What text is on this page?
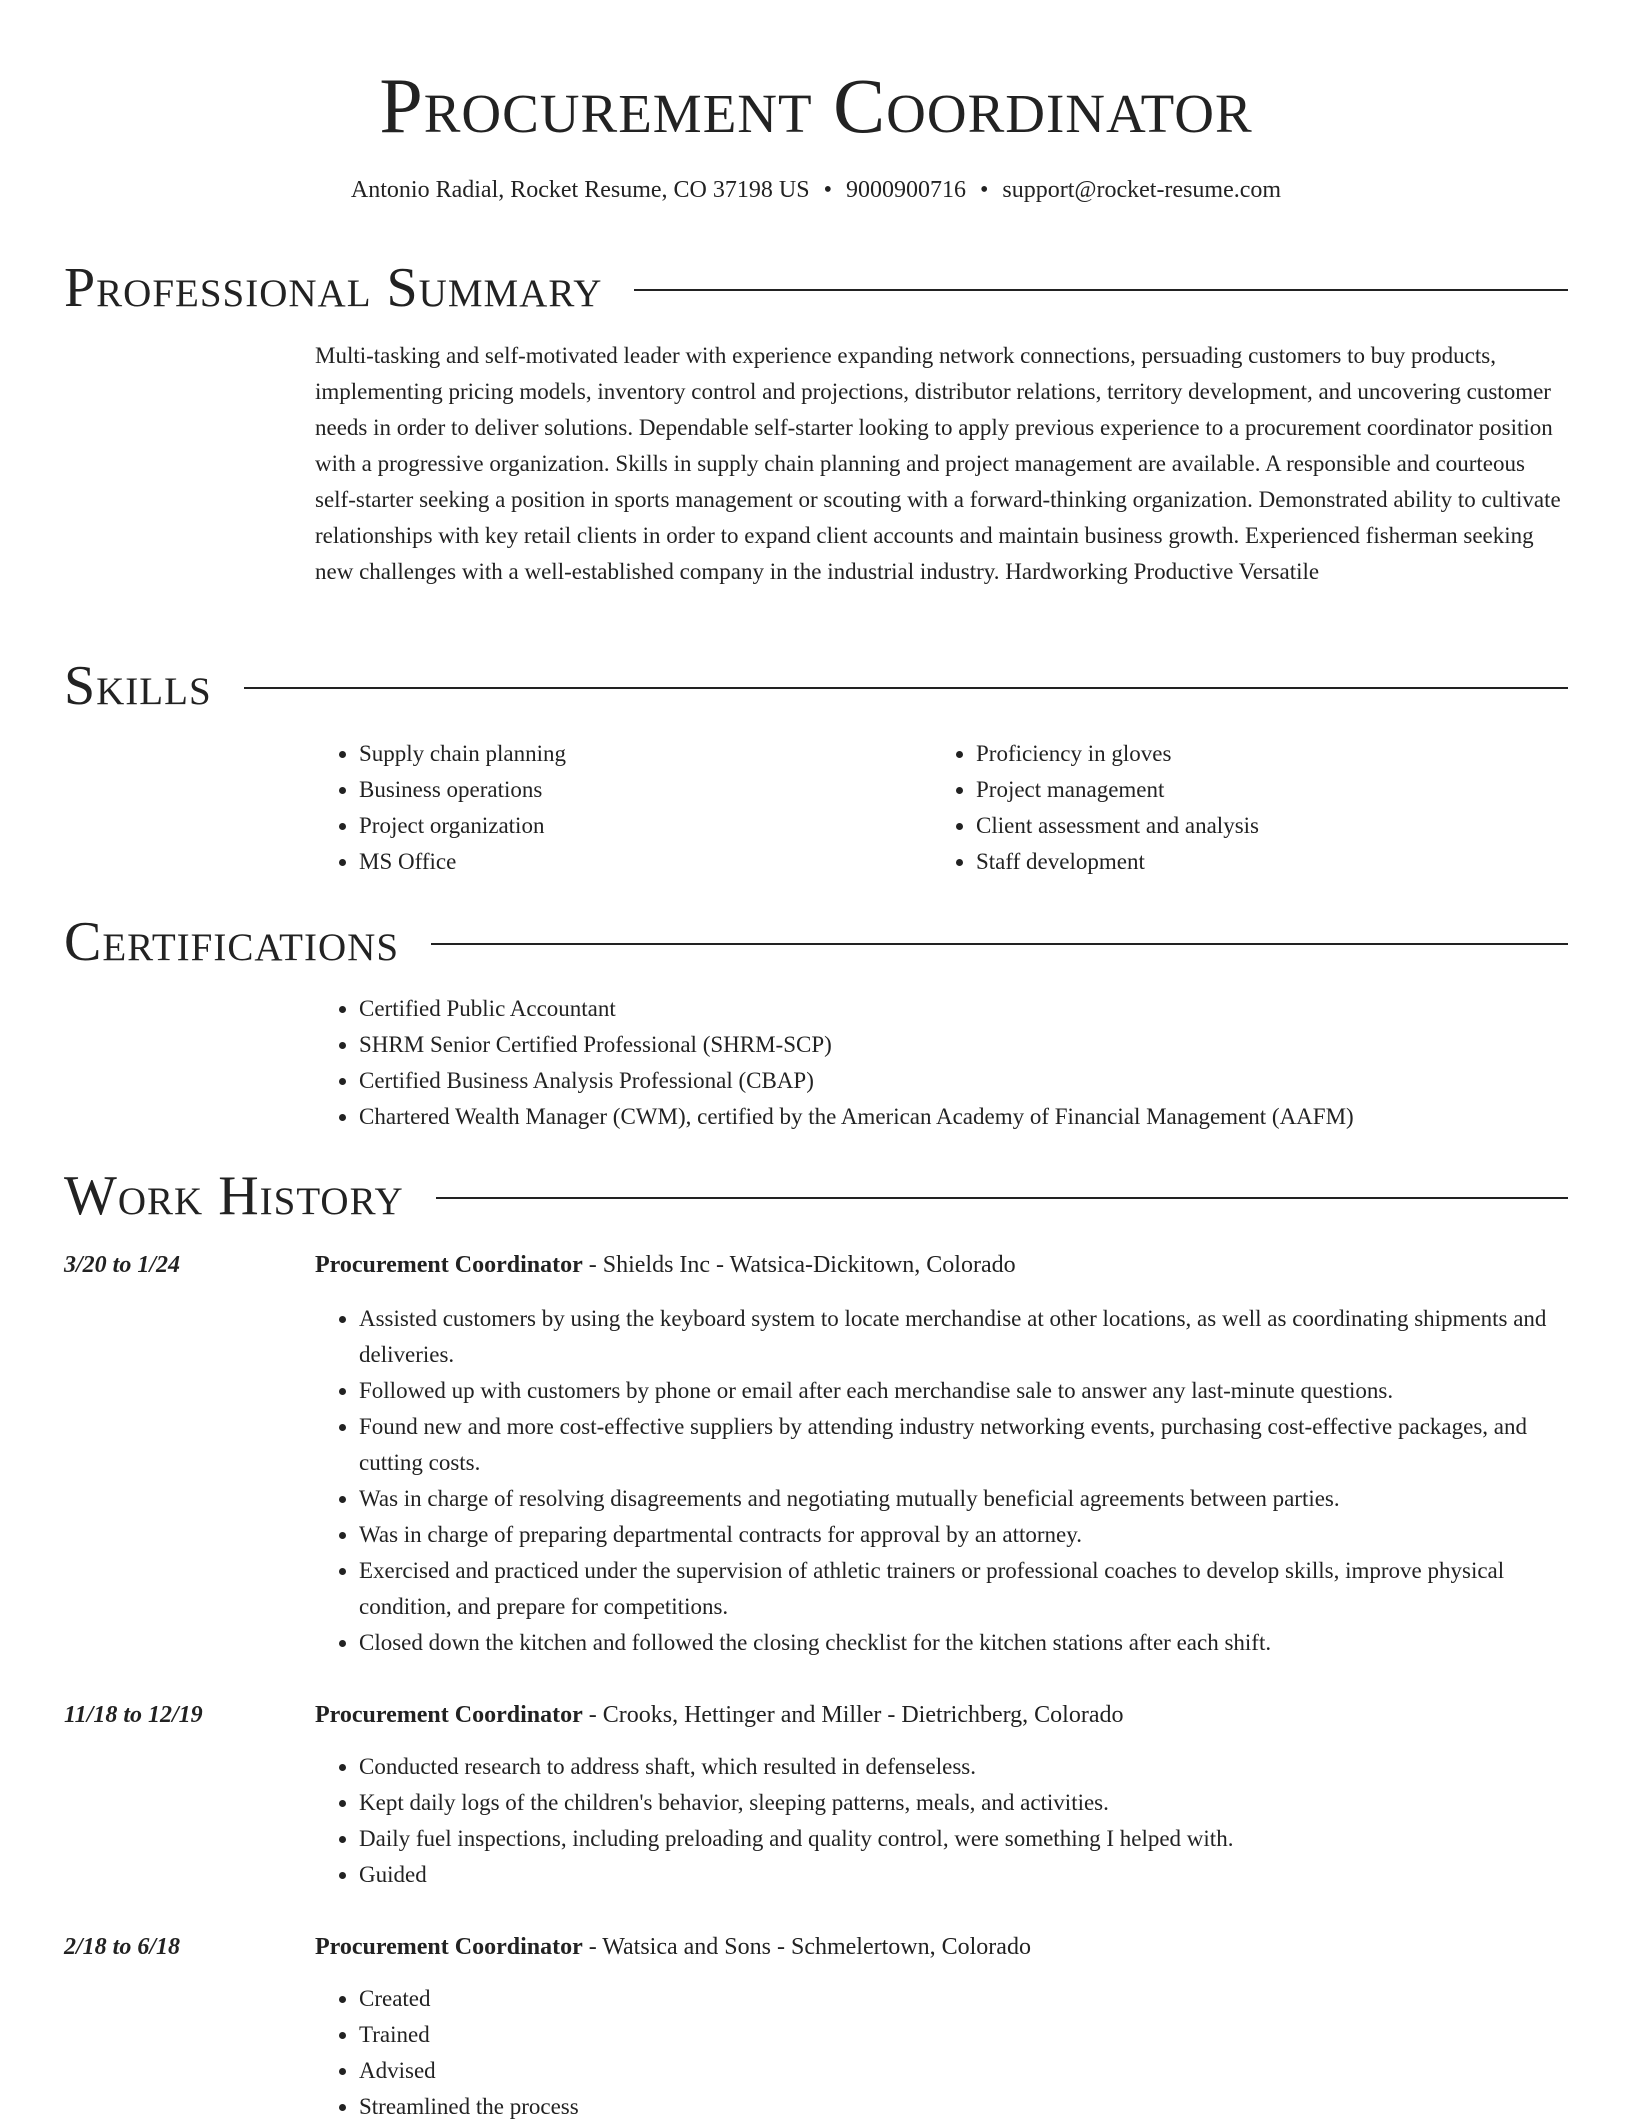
Procurement Coordinator
Antonio Radial, Rocket Resume, CO 37198 US • 9000900716 • support@rocket-resume.com
Professional Summary

Multi-tasking and self-motivated leader with experience expanding network connections, persuading customers to buy products, implementing pricing models, inventory control and projections, distributor relations, territory development, and uncovering customer needs in order to deliver solutions. Dependable self-starter looking to apply previous experience to a procurement coordinator position with a progressive organization. Skills in supply chain planning and project management are available. A responsible and courteous self-starter seeking a position in sports management or scouting with a forward-thinking organization. Demonstrated ability to cultivate relationships with key retail clients in order to expand client accounts and maintain business growth. Experienced fisherman seeking new challenges with a well-established company in the industrial industry. Hardworking Productive Versatile

Skills
• Supply chain planning
• Business operations
• Project organization
• MS Office
• Proficiency in gloves
• Project management
• Client assessment and analysis
• Staff development
Certifications
• Certified Public Accountant
• SHRM Senior Certified Professional (SHRM-SCP)
• Certified Business Analysis Professional (CBAP)
• Chartered Wealth Manager (CWM), certified by the American Academy of Financial Management (AAFM)
Work History
3/20 to 1/24	Procurement Coordinator - Shields Inc - Watsica-Dickitown, Colorado
• Assisted customers by using the keyboard system to locate merchandise at other locations, as well as coordinating shipments and deliveries.
• Followed up with customers by phone or email after each merchandise sale to answer any last-minute questions.
• Found new and more cost-effective suppliers by attending industry networking events, purchasing cost-effective packages, and cutting costs.
• Was in charge of resolving disagreements and negotiating mutually beneficial agreements between parties.
• Was in charge of preparing departmental contracts for approval by an attorney.
• Exercised and practiced under the supervision of athletic trainers or professional coaches to develop skills, improve physical condition, and prepare for competitions.
• Closed down the kitchen and followed the closing checklist for the kitchen stations after each shift.
11/18 to 12/19	Procurement Coordinator - Crooks, Hettinger and Miller - Dietrichberg, Colorado
• Conducted research to address shaft, which resulted in defenseless.
• Kept daily logs of the children's behavior, sleeping patterns, meals, and activities.
• Daily fuel inspections, including preloading and quality control, were something I helped with.
• Guided
2/18 to 6/18	Procurement Coordinator - Watsica and Sons - Schmelertown, Colorado
• Created
• Trained
• Advised
• Streamlined the process
